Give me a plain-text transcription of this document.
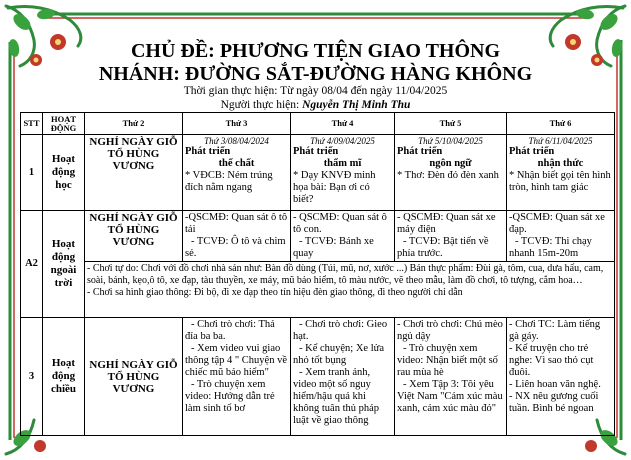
CHỦ ĐỀ: PHƯƠNG TIỆN GIAO THÔNG
NHÁNH: ĐƯỜNG SẮT-ĐƯỜNG HÀNG KHÔNG
Thời gian thực hiện: Từ ngày 08/04 đến ngày 11/04/2025
Người thực hiện: Nguyễn Thị Minh Thu
STT	HOẠT ĐỘNG	Thứ 2	Thứ 3	Thứ 4	Thứ 5	Thứ 6
1	Hoạt động học	NGHỈ NGÀY GIỖ TỔ HÙNG VƯƠNG	Thứ 3/08/04/2024
Phát triển
thể chất
* VĐCB: Ném trúng đích nằm ngang	Thứ 4/09/04/2025
Phát triển
thẩm mĩ
* Dạy KNVĐ minh họa bài: Bạn ơi có biết?	Thứ 5/10/04/2025
Phát triển
ngôn ngữ
* Thơ: Đèn đỏ đèn xanh	Thứ 6/11/04/2025
Phát triển
nhận thức
* Nhận biết gọi tên hình tròn, hình tam giác

A2	Hoạt động ngoài trời	NGHỈ NGÀY GIỖ TỔ HÙNG VƯƠNG	-QSCMĐ: Quan sát ô tô tải
- TCVĐ: Ô tô và chim sẻ.	- QSCMĐ: Quan sát ô tô con.
- TCVĐ: Bánh xe quay	- QSCMĐ: Quan sát xe máy điện
- TCVĐ: Bật tiến về phía trước.	-QSCMĐ: Quan sát xe đạp.
- TCVĐ: Thi chạy nhanh 15m-20m

		- Chơi tự do: Chơi với đồ chơi nhà sản như: Bàn đồ dùng (Túi, mũ, nơ, xước ...) Bán thực phẩm: Đùi gà, tôm, cua, dưa hấu, cam, soài, bánh, kẹo,ô tô, xe đạp, tàu thuyền, xe máy, mũ bảo hiểm, tô màu nước, vẽ theo mẫu, làm đồ chơi, tô tượng, cắm hoa…
- Chơi sa hình giao thông: Đi bộ, đi xe đạp theo tín hiệu đèn giao thông, đi theo người chỉ dẫn				

3	Hoạt động chiều	NGHỈ NGÀY GIỖ TỔ HÙNG VƯƠNG	- Chơi trò chơi: Thả đỉa ba ba.
- Xem video vui giao thông tập 4 " Chuyện về chiếc mũ bảo hiểm"
- Trò chuyện xem video: Hướng dẫn trẻ làm sinh tố bơ	- Chơi trò chơi: Gieo hạt.
- Kể chuyện; Xe lửa nhỏ tốt bụng
- Xem tranh ảnh, video một số nguy hiểm/hậu quả khi không tuân thủ pháp luật về giao thông	- Chơi trò chơi: Chú mèo ngủ dậy
- Trò chuyện xem video: Nhận biết một số rau mùa hè
- Xem Tập 3: Tôi yêu Việt Nam "Cảm xúc màu xanh, cảm xúc màu đỏ"	- Chơi TC: Làm tiếng gà gáy.
- Kể truyện cho trẻ nghe: Vì sao thỏ cụt đuôi.
- Liên hoan văn nghệ.
- NX nêu gương cuối tuần. Bình bé ngoan
